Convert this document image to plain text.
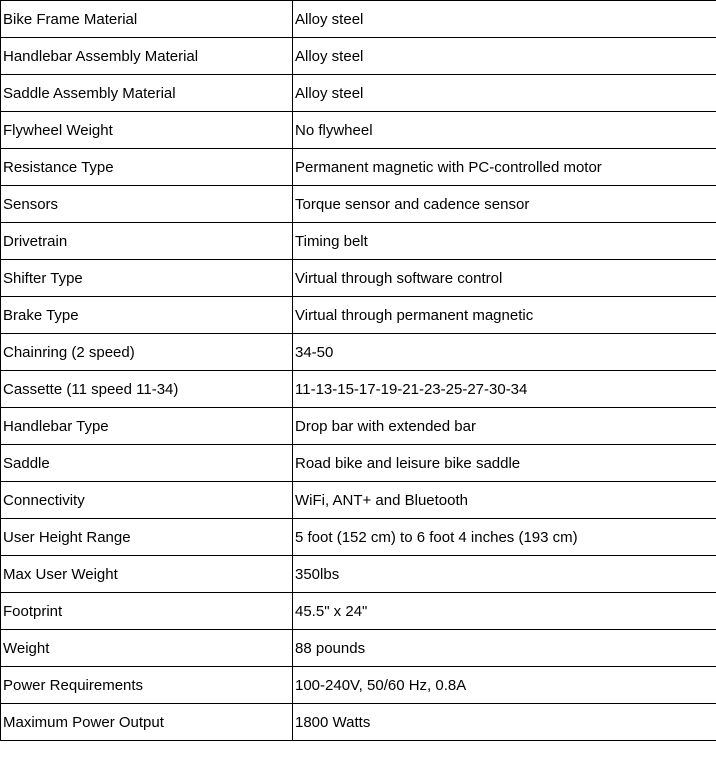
Bike Frame Material	Alloy steel
Handlebar Assembly Material	Alloy steel
Saddle Assembly Material	Alloy steel
Flywheel Weight	No flywheel
Resistance Type	Permanent magnetic with PC-controlled motor
Sensors	Torque sensor and cadence sensor
Drivetrain	Timing belt
Shifter Type	Virtual through software control
Brake Type	Virtual through permanent magnetic
Chainring (2 speed)	34-50
Cassette (11 speed 11-34)	11-13-15-17-19-21-23-25-27-30-34
Handlebar Type	Drop bar with extended bar
Saddle	Road bike and leisure bike saddle
Connectivity	WiFi, ANT+ and Bluetooth
User Height Range	5 foot (152 cm) to 6 foot 4 inches (193 cm)
Max User Weight	350lbs
Footprint	45.5" x 24"
Weight	88 pounds
Power Requirements	100-240V, 50/60 Hz, 0.8A
Maximum Power Output	1800 Watts
